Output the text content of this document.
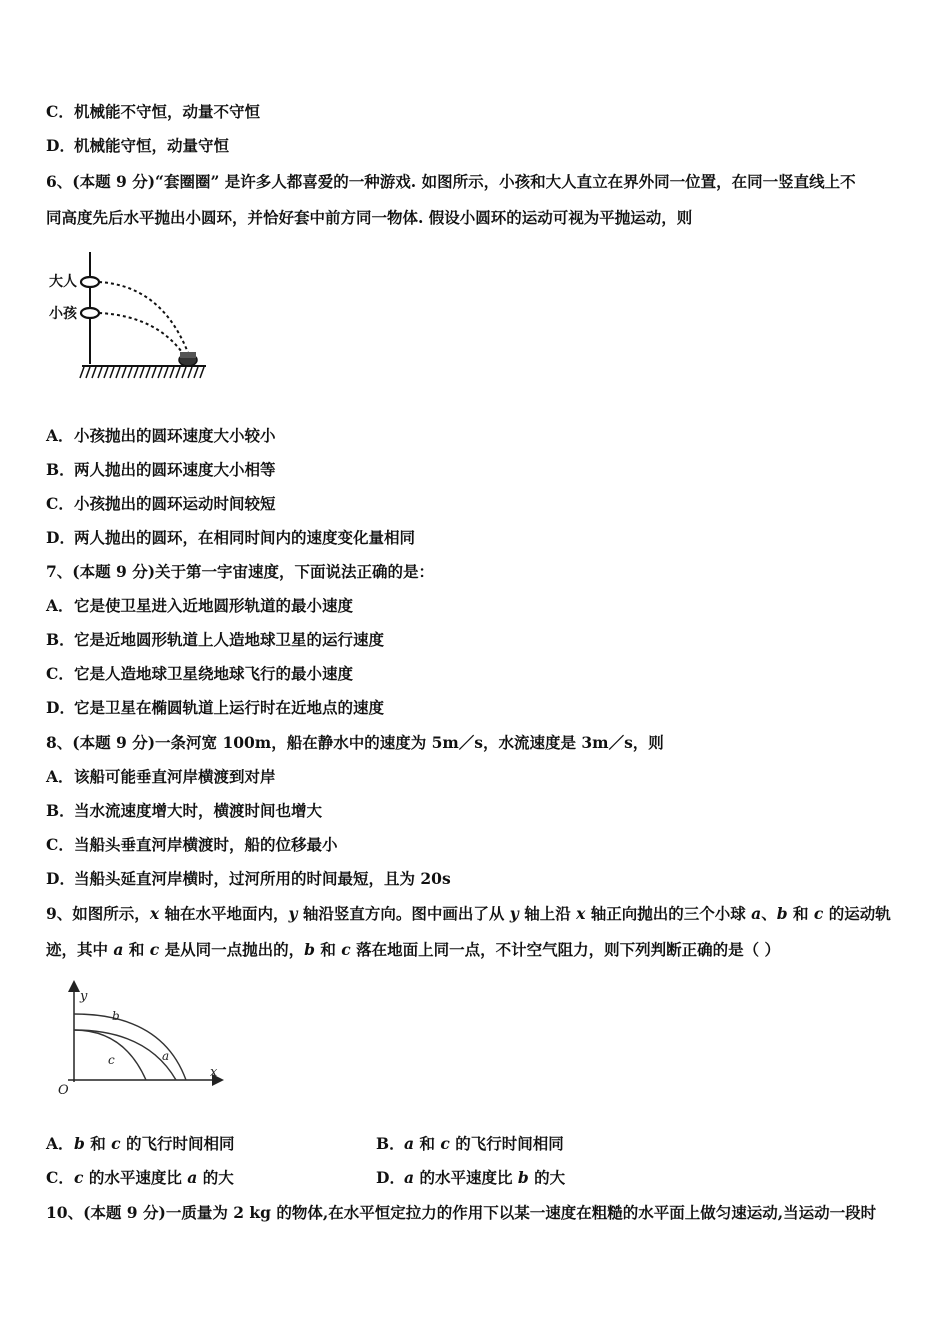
C．机械能不守恒，动量不守恒
D．机械能守恒，动量守恒
6、(本题 9 分)“套圈圈” 是许多人都喜爱的一种游戏. 如图所示，小孩和大人直立在界外同一位置，在同一竖直线上不
同高度先后水平抛出小圆环，并恰好套中前方同一物体. 假设小圆环的运动可视为平抛运动，则
大人
小孩
A．小孩抛出的圆环速度大小较小
B．两人抛出的圆环速度大小相等
C．小孩抛出的圆环运动时间较短
D．两人抛出的圆环，在相同时间内的速度变化量相同
7、(本题 9 分)关于第一宇宙速度，下面说法正确的是：
A．它是使卫星进入近地圆形轨道的最小速度
B．它是近地圆形轨道上人造地球卫星的运行速度
C．它是人造地球卫星绕地球飞行的最小速度
D．它是卫星在椭圆轨道上运行时在近地点的速度
8、(本题 9 分)一条河宽 100m，船在静水中的速度为 5m／s，水流速度是 3m／s，则
A．该船可能垂直河岸横渡到对岸
B．当水流速度增大时，横渡时间也增大
C．当船头垂直河岸横渡时，船的位移最小
D．当船头延直河岸横时，过河所用的时间最短，且为 20s
9、如图所示，x 轴在水平地面内，y 轴沿竖直方向。图中画出了从 y 轴上沿 x 轴正向抛出的三个小球 a、b 和 c 的运动轨
迹，其中 a 和 c 是从同一点抛出的，b 和 c 落在地面上同一点，不计空气阻力，则下列判断正确的是（ ）
y
x
O
b
a
c
A．b 和 c 的飞行时间相同	B．a 和 c 的飞行时间相同
C．c 的水平速度比 a 的大	D．a 的水平速度比 b 的大
10、(本题 9 分)一质量为 2 kg 的物体,在水平恒定拉力的作用下以某一速度在粗糙的水平面上做匀速运动,当运动一段时
